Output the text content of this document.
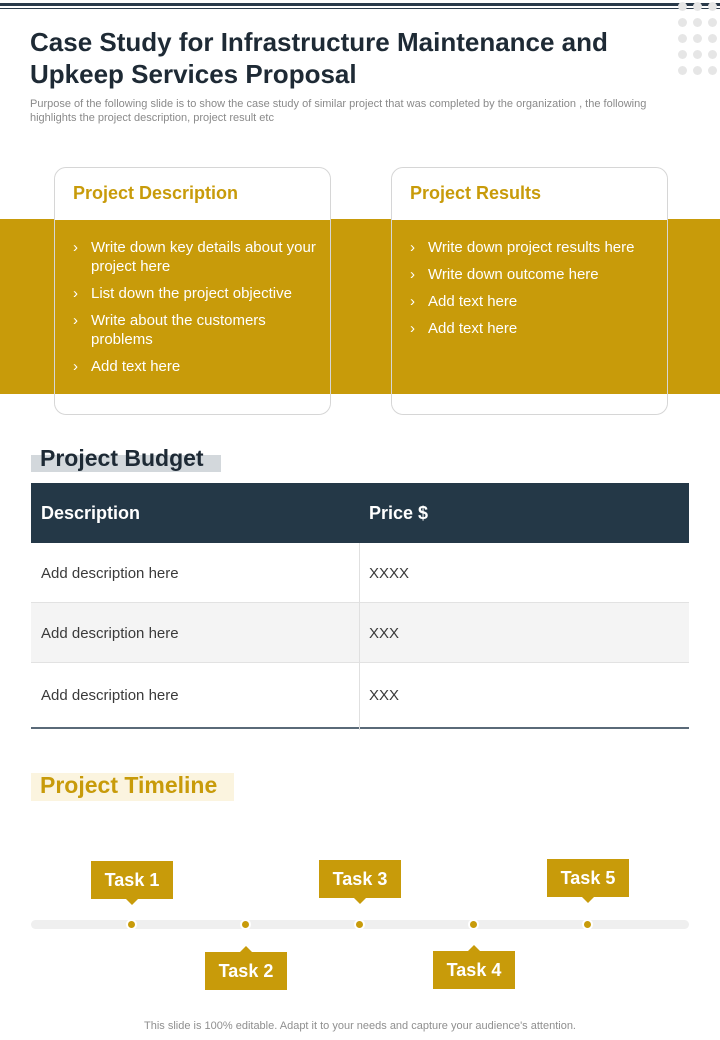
Case Study for Infrastructure Maintenance and Upkeep Services Proposal

Purpose of the following slide is to show the case study of similar project that was completed by the organization , the following highlights the project description, project result etc

Project Description
› Write down key details about your project here
› List down the project objective
› Write about the customers problems
› Add text here
Project Results
› Write down project results here
› Write down outcome here
› Add text here
› Add text here
Project Budget
Description	Price $
Add description here	XXXX
Add description here	XXX
Add description here	XXX
Project Timeline
Task 1
Task 2
Task 3
Task 4
Task 5
This slide is 100% editable. Adapt it to your needs and capture your audience's attention.
